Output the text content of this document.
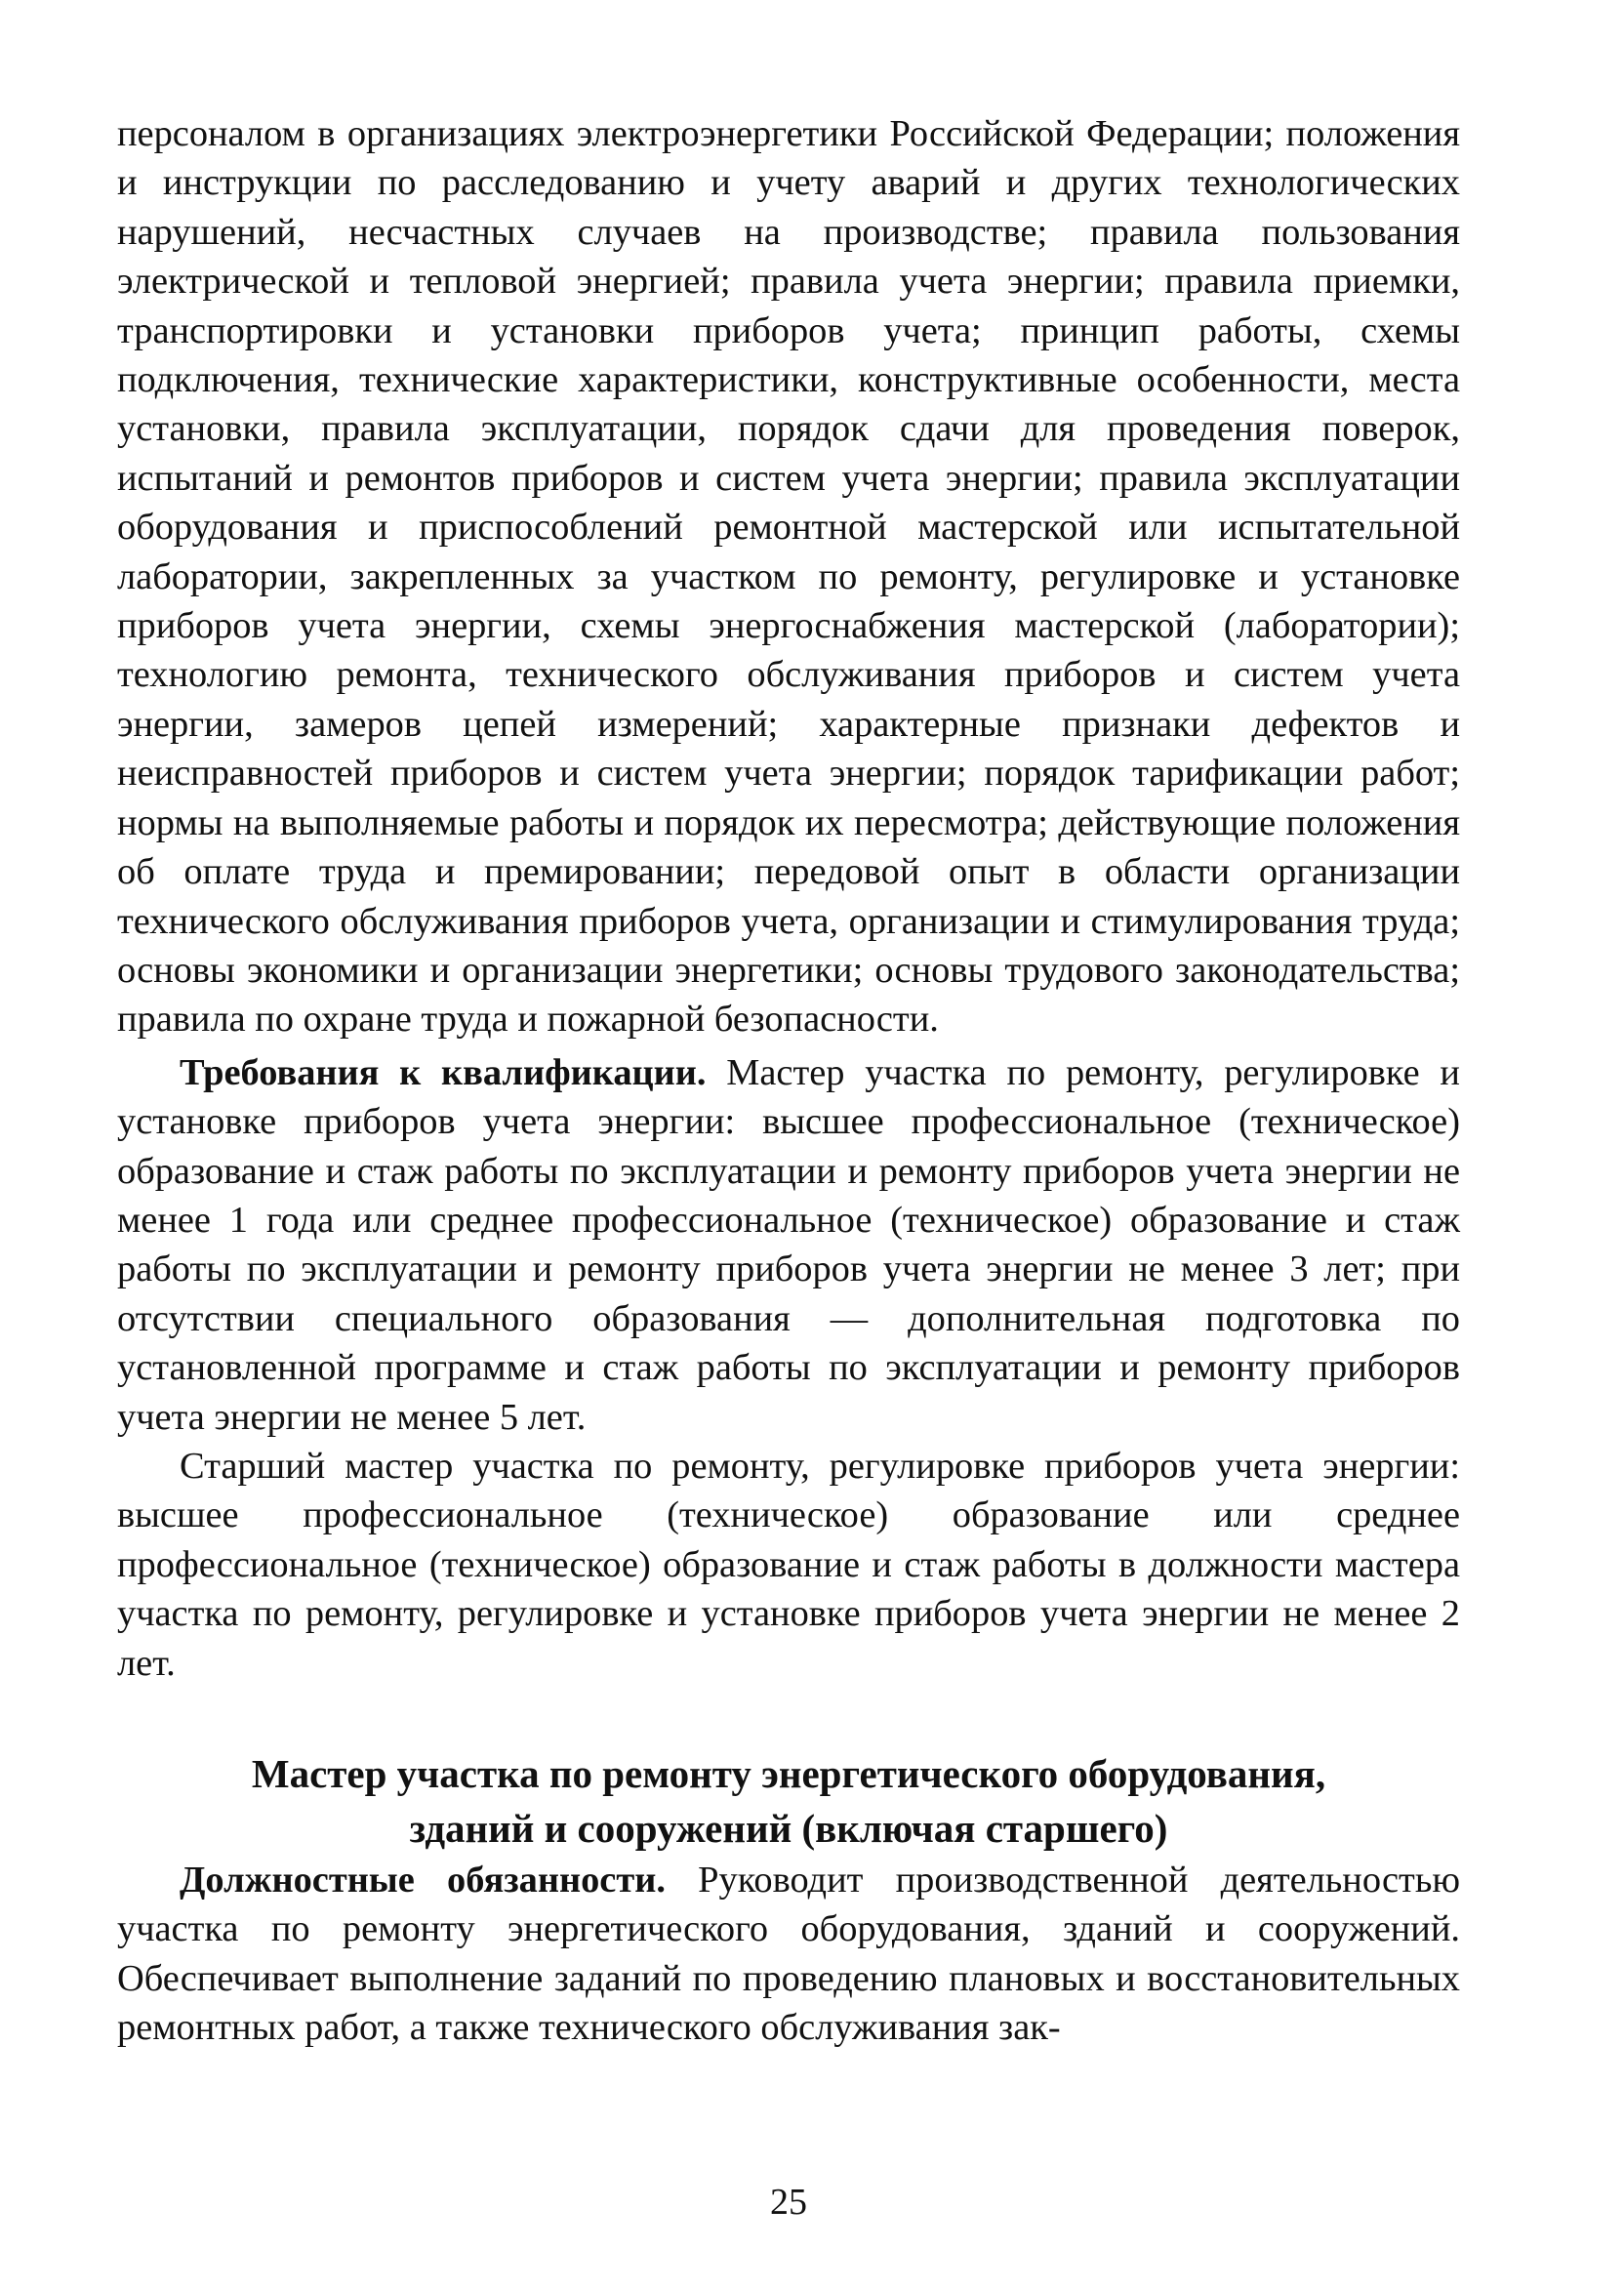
персоналом в организациях электроэнергетики Российской Федерации; положения и инструкции по расследованию и учету аварий и других технологических нарушений, несчастных случаев на производстве; правила пользования электрической и тепловой энергией; правила учета энергии; правила приемки, транспортировки и установки приборов учета; принцип работы, схемы подключения, технические характеристики, конструктивные особенности, места установки, правила эксплуатации, порядок сдачи для проведения поверок, испытаний и ремонтов приборов и систем учета энергии; правила эксплуатации оборудования и приспособлений ремонтной мастерской или испытательной лаборатории, закрепленных за участком по ремонту, регулировке и установке приборов учета энергии, схемы энергоснабжения мастерской (лаборатории); технологию ремонта, технического обслуживания приборов и систем учета энергии, замеров цепей измерений; характерные признаки дефектов и неисправностей приборов и систем учета энергии; порядок тарификации работ; нормы на выполняемые работы и порядок их пересмотра; действующие положения об оплате труда и премировании; передовой опыт в области организации технического обслуживания приборов учета, организации и стимулирования труда; основы экономики и организации энергетики; основы трудового законодательства; правила по охране труда и пожарной безопасности.

Требования к квалификации. Мастер участка по ремонту, регулировке и установке приборов учета энергии: высшее профессиональное (техническое) образование и стаж работы по эксплуатации и ремонту приборов учета энергии не менее 1 года или среднее профессиональное (техническое) образование и стаж работы по эксплуатации и ремонту приборов учета энергии не менее 3 лет; при отсутствии специального образования — дополнительная подготовка по установленной программе и стаж работы по эксплуатации и ремонту приборов учета энергии не менее 5 лет.

Старший мастер участка по ремонту, регулировке приборов учета энергии: высшее профессиональное (техническое) образование или среднее профессиональное (техническое) образование и стаж работы в должности мастера участка по ремонту, регулировке и установке приборов учета энергии не менее 2 лет.

Мастер участка по ремонту энергетического оборудования,
зданий и сооружений (включая старшего)

Должностные обязанности. Руководит производственной деятельностью участка по ремонту энергетического оборудования, зданий и сооружений. Обеспечивает выполнение заданий по проведению плановых и восстановительных ремонтных работ, а также технического обслуживания зак-

25
